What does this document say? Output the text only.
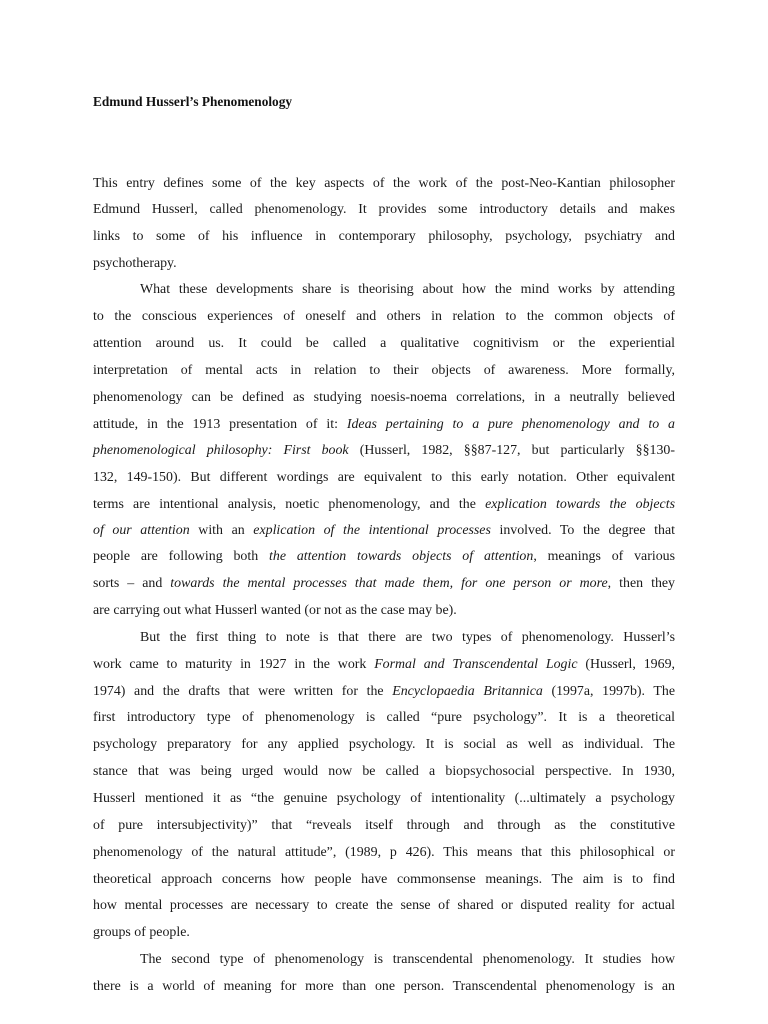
Edmund Husserl’s Phenomenology
This entry defines some of the key aspects of the work of the post-Neo-Kantian philosopher
Edmund Husserl, called phenomenology. It provides some introductory details and makes
links to some of his influence in contemporary philosophy, psychology, psychiatry and
psychotherapy.
What these developments share is theorising about how the mind works by attending
to the conscious experiences of oneself and others in relation to the common objects of
attention around us. It could be called a qualitative cognitivism or the experiential
interpretation of mental acts in relation to their objects of awareness. More formally,
phenomenology can be defined as studying noesis-noema correlations, in a neutrally believed
attitude, in the 1913 presentation of it: Ideas pertaining to a pure phenomenology and to a
phenomenological philosophy: First book (Husserl, 1982, §§87-127, but particularly §§130-
132, 149-150). But different wordings are equivalent to this early notation. Other equivalent
terms are intentional analysis, noetic phenomenology, and the explication towards the objects
of our attention with an explication of the intentional processes involved. To the degree that
people are following both the attention towards objects of attention, meanings of various
sorts – and towards the mental processes that made them, for one person or more, then they
are carrying out what Husserl wanted (or not as the case may be).
But the first thing to note is that there are two types of phenomenology. Husserl’s
work came to maturity in 1927 in the work Formal and Transcendental Logic (Husserl, 1969,
1974) and the drafts that were written for the Encyclopaedia Britannica (1997a, 1997b). The
first introductory type of phenomenology is called “pure psychology”. It is a theoretical
psychology preparatory for any applied psychology. It is social as well as individual. The
stance that was being urged would now be called a biopsychosocial perspective. In 1930,
Husserl mentioned it as “the genuine psychology of intentionality (...ultimately a psychology
of pure intersubjectivity)” that “reveals itself through and through as the constitutive
phenomenology of the natural attitude”, (1989, p 426). This means that this philosophical or
theoretical approach concerns how people have commonsense meanings. The aim is to find
how mental processes are necessary to create the sense of shared or disputed reality for actual
groups of people.
The second type of phenomenology is transcendental phenomenology. It studies how
there is a world of meaning for more than one person. Transcendental phenomenology is an
